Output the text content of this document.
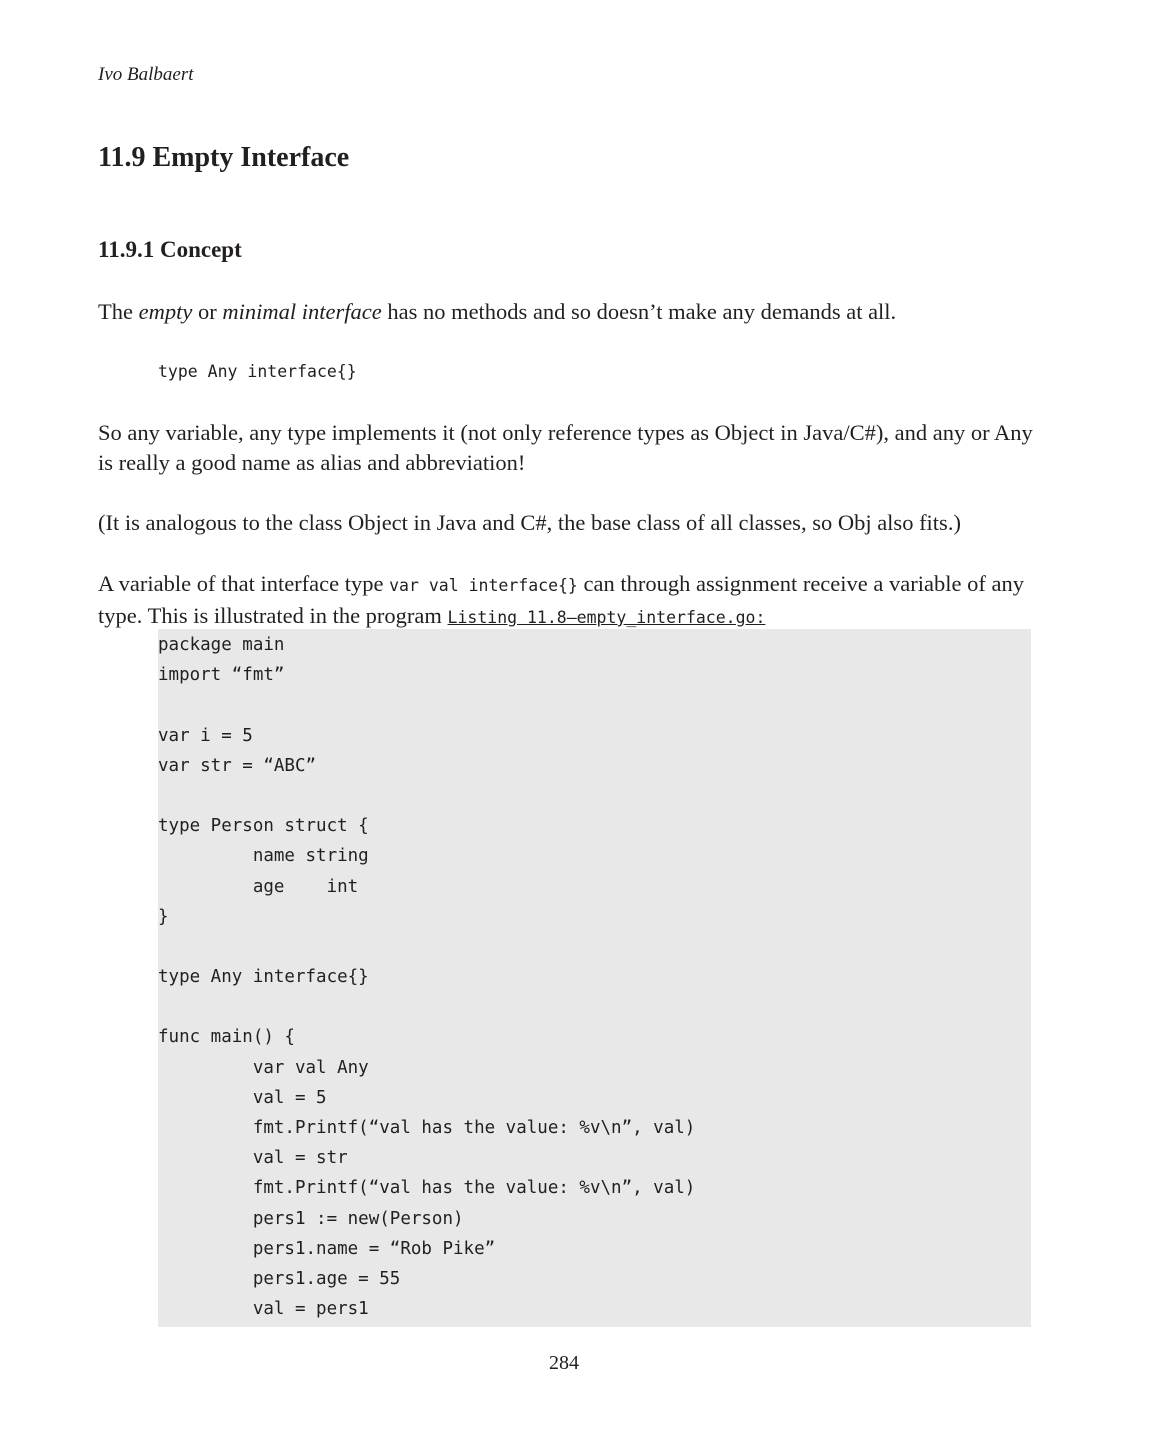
Ivo Balbaert
11.9 Empty Interface
11.9.1 Concept

The empty or minimal interface has no methods and so doesn’t make any demands at all.

type Any interface{}

So any variable, any type implements it (not only reference types as Object in Java/C#), and any or Any is really a good name as alias and abbreviation!

(It is analogous to the class Object in Java and C#, the base class of all classes, so Obj also fits.)

A variable of that interface type var val interface{} can through assignment receive a variable of any type. This is illustrated in the program Listing 11.8—empty_interface.go:

package main
import “fmt”
var i = 5
var str = “ABC”
type Person struct {
name string
age    int
}
type Any interface{}
func main() {
var val Any
val = 5
fmt.Printf(“val has the value: %v\n”, val)
val = str
fmt.Printf(“val has the value: %v\n”, val)
pers1 := new(Person)
pers1.name = “Rob Pike”
pers1.age = 55
val = pers1
284
